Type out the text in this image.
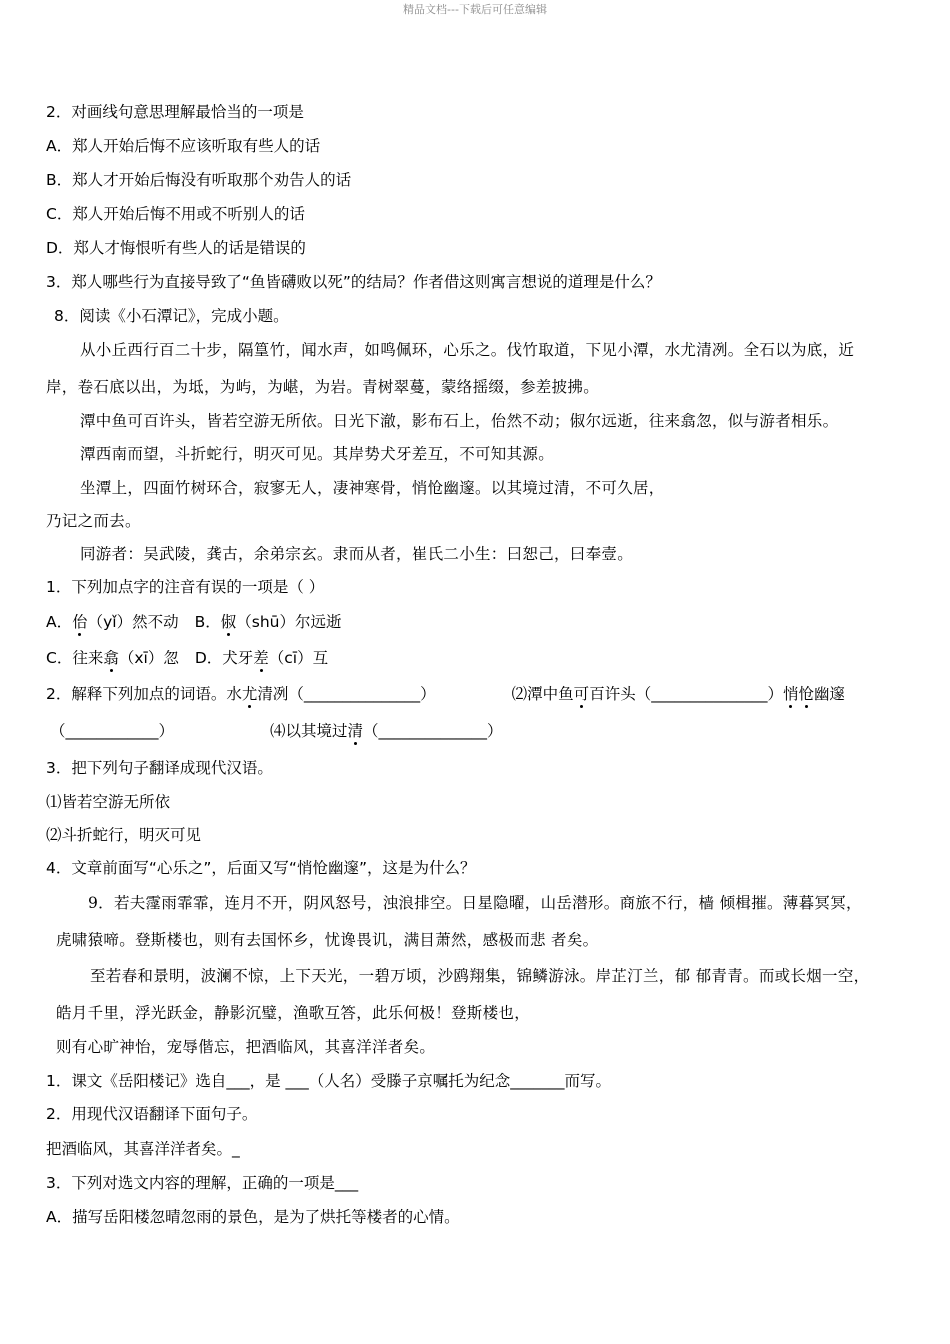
精品文档---下载后可任意编辑
2．对画线句意思理解最恰当的一项是
A．郑人开始后悔不应该听取有些人的话
B．郑人才开始后悔没有听取那个劝告人的话
C．郑人开始后悔不用或不听别人的话
D．郑人才悔恨听有些人的话是错误的
3．郑人哪些行为直接导致了“鱼皆礴败以死”的结局？作者借这则寓言想说的道理是什么？
8．阅读《小石潭记》，完成小题。
从小丘西行百二十步，隔篁竹，闻水声，如鸣佩环，心乐之。伐竹取道，下见小潭，水尤清冽。全石以为底，近
岸，卷石底以出，为坻，为屿，为嵁，为岩。青树翠蔓，蒙络摇缀，参差披拂。
潭中鱼可百许头，皆若空游无所依。日光下澈，影布石上，佁然不动；俶尔远逝，往来翕忽，似与游者相乐。
潭西南而望，斗折蛇行，明灭可见。其岸势犬牙差互，不可知其源。
坐潭上，四面竹树环合，寂寥无人，凄神寒骨，悄怆幽邃。以其境过清，不可久居，
乃记之而去。
同游者：吴武陵，龚古，余弟宗玄。隶而从者，崔氏二小生：曰恕己，曰奉壹。
1．下列加点字的注音有误的一项是（ ）
A．佁（yǐ）然不动 B．俶（shū）尔远逝
C．往来翕（xī）忽 D．犬牙差（cī）互
2．解释下列加点的词语。水尤清冽（_______________）	⑵潭中鱼可百许头（_______________）悄怆幽邃
（____________）	⑷以其境过清（______________）
3．把下列句子翻译成现代汉语。
⑴皆若空游无所依
⑵斗折蛇行，明灭可见
4．文章前面写“心乐之”，后面又写“悄怆幽邃”，这是为什么？
9．若夫霪雨霏霏，连月不开，阴风怒号，浊浪排空。日星隐曜，山岳潜形。商旅不行，樯 倾楫摧。薄暮冥冥，
虎啸猿啼。登斯楼也，则有去国怀乡，忧谗畏讥，满目萧然，感极而悲 者矣。
至若春和景明，波澜不惊，上下天光，一碧万顷，沙鸥翔集，锦鳞游泳。岸芷汀兰，郁 郁青青。而或长烟一空，
皓月千里，浮光跃金，静影沉璧，渔歌互答，此乐何极！登斯楼也，
则有心旷神怡，宠辱偕忘，把酒临风，其喜洋洋者矣。
1．课文《岳阳楼记》选自___，是 ___（人名）受滕子京嘱托为纪念_______而写。
2．用现代汉语翻译下面句子。
把酒临风，其喜洋洋者矣。_
3．下列对选文内容的理解，正确的一项是___
A．描写岳阳楼忽晴忽雨的景色，是为了烘托等楼者的心情。
